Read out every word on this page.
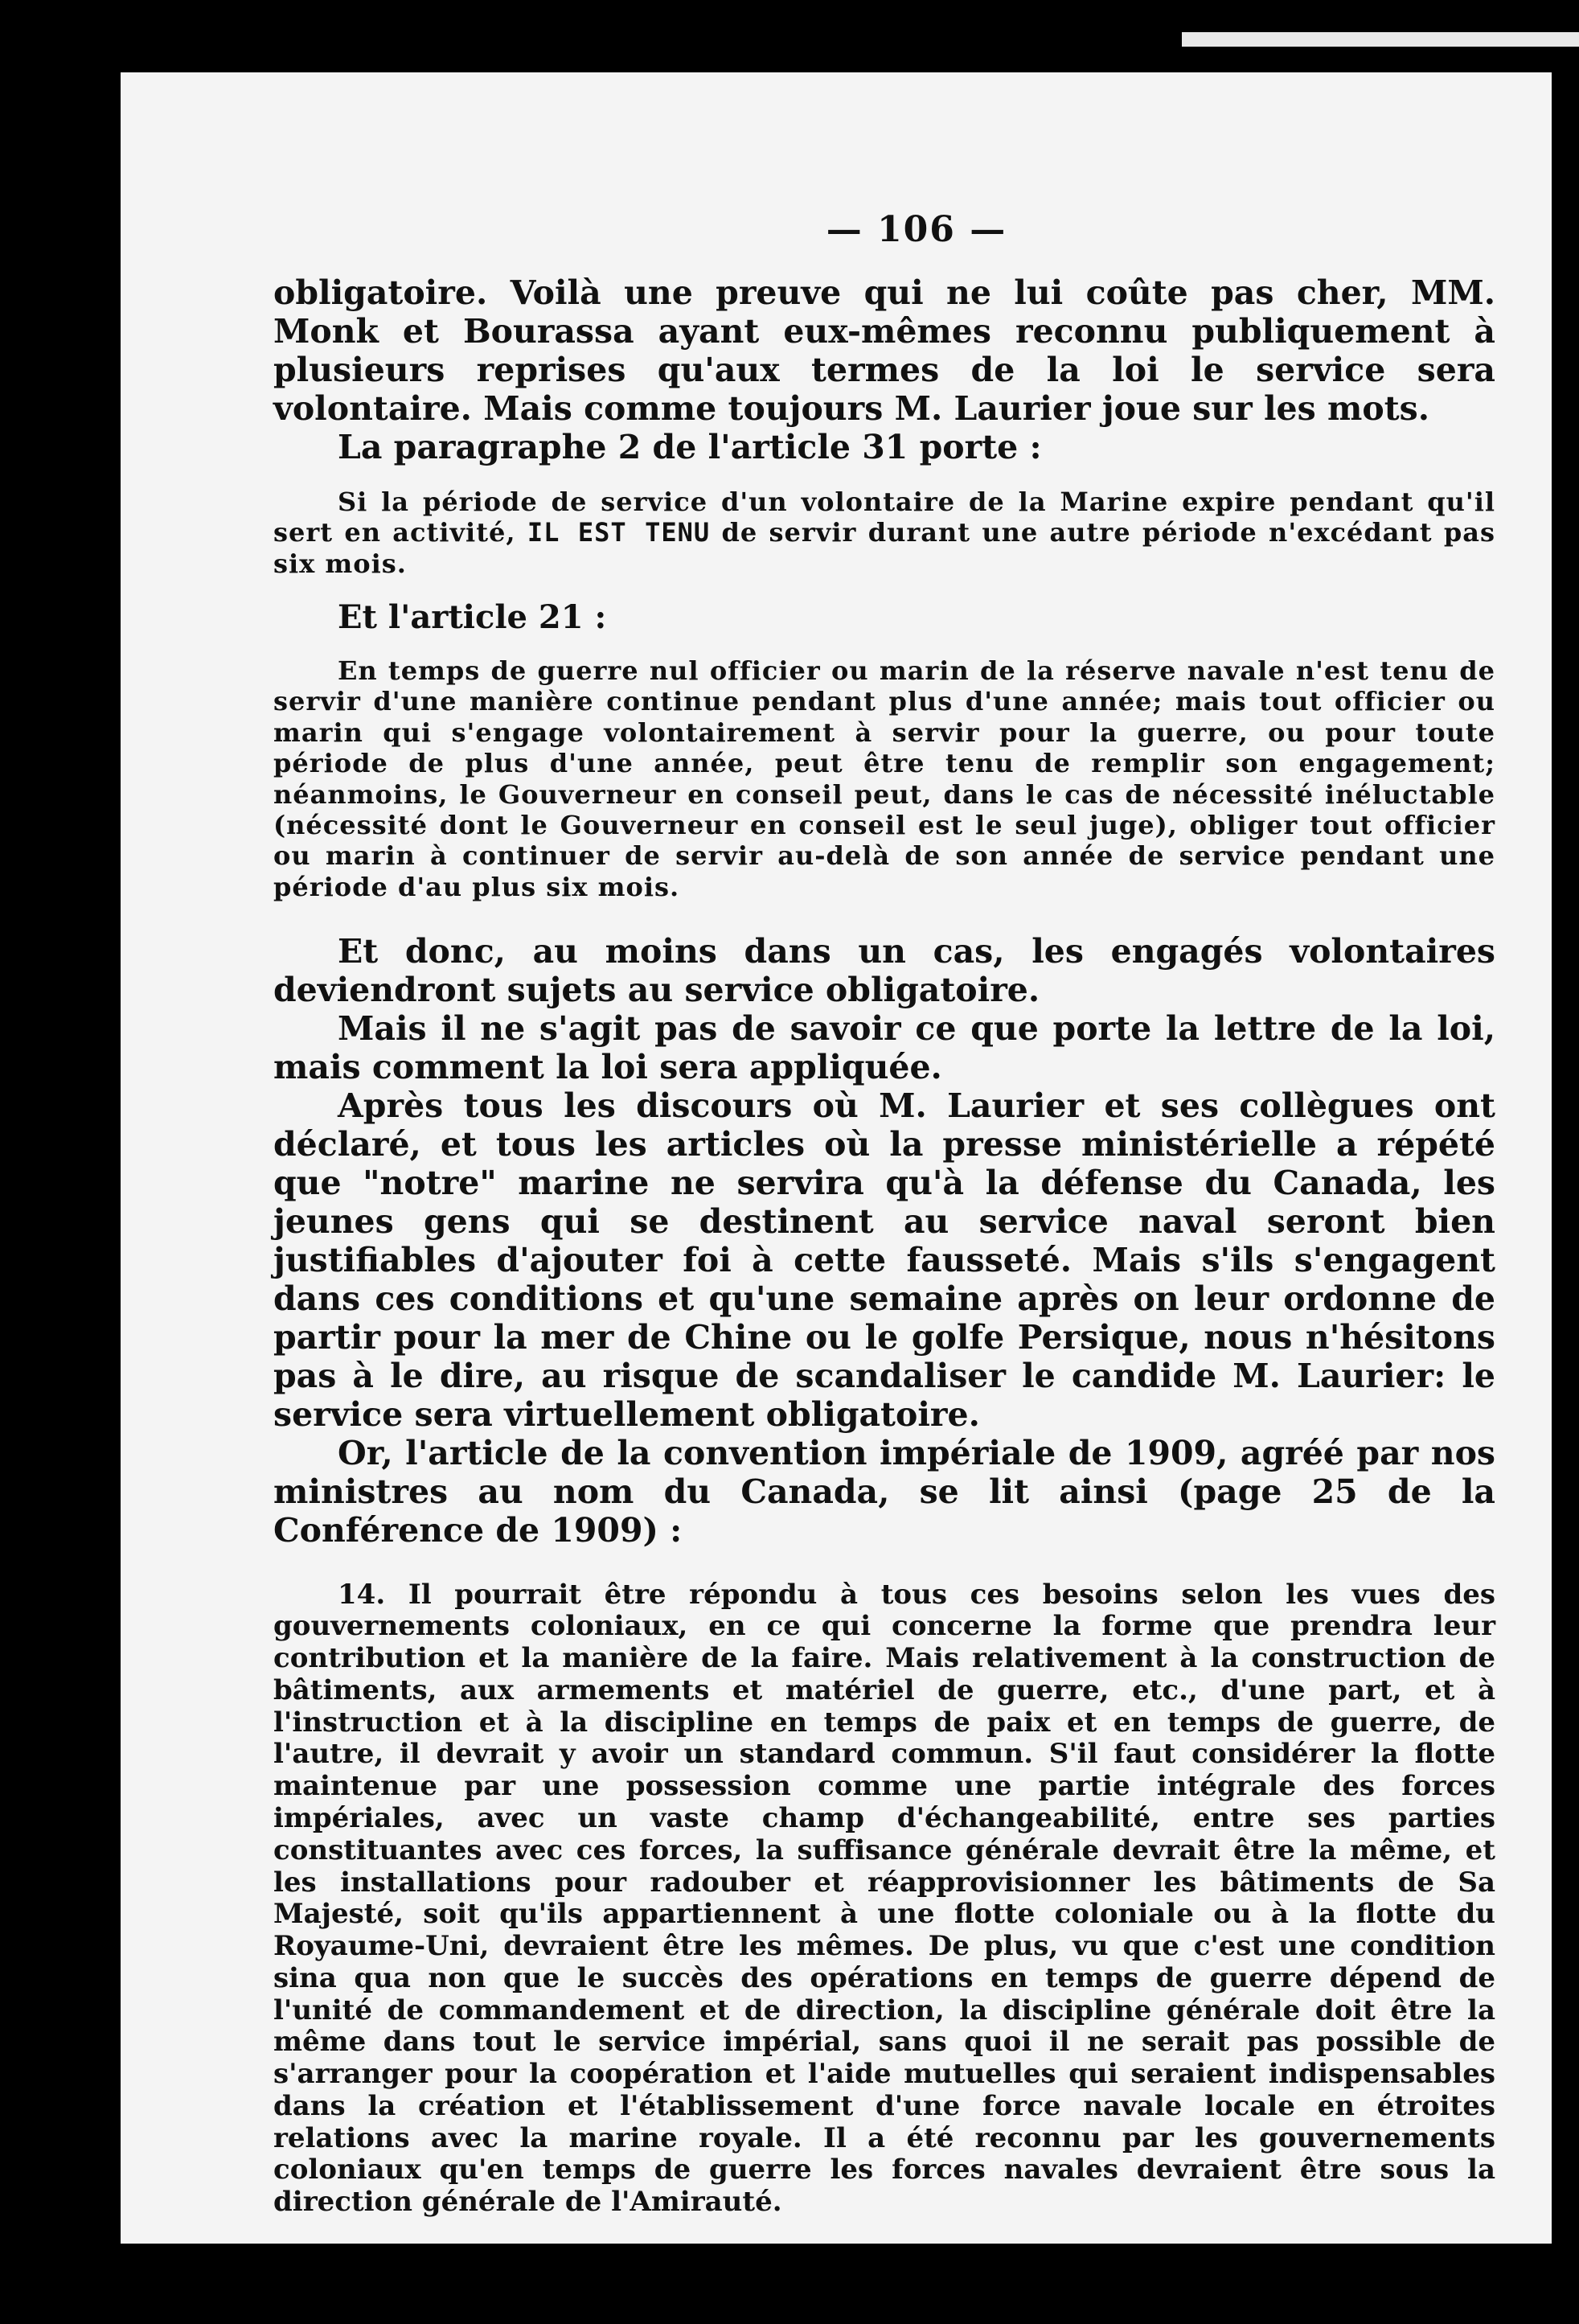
— 106 —

obligatoire. Voilà une preuve qui ne lui coûte pas cher, MM. Monk et Bourassa ayant eux-mêmes reconnu publiquement à plusieurs reprises qu'aux termes de la loi le service sera volontaire. Mais comme toujours M. Laurier joue sur les mots.

La paragraphe 2 de l'article 31 porte :

Si la période de service d'un volontaire de la Marine expire pendant qu'il sert en activité, IL EST TENU de servir durant une autre période n'excédant pas six mois.

Et l'article 21 :

En temps de guerre nul officier ou marin de la réserve navale n'est tenu de servir d'une manière continue pendant plus d'une année; mais tout officier ou marin qui s'engage volontairement à servir pour la guerre, ou pour toute période de plus d'une année, peut être tenu de remplir son engagement; néanmoins, le Gouverneur en conseil peut, dans le cas de nécessité inéluctable (nécessité dont le Gouverneur en conseil est le seul juge), obliger tout officier ou marin à continuer de servir au-delà de son année de service pendant une période d'au plus six mois.

Et donc, au moins dans un cas, les engagés volontaires deviendront sujets au service obligatoire.

Mais il ne s'agit pas de savoir ce que porte la lettre de la loi, mais comment la loi sera appliquée.

Après tous les discours où M. Laurier et ses collègues ont déclaré, et tous les articles où la presse ministérielle a répété que "notre" marine ne servira qu'à la défense du Canada, les jeunes gens qui se destinent au service naval seront bien justifiables d'ajouter foi à cette fausseté. Mais s'ils s'engagent dans ces conditions et qu'une semaine après on leur ordonne de partir pour la mer de Chine ou le golfe Persique, nous n'hésitons pas à le dire, au risque de scandaliser le candide M. Laurier: le service sera virtuellement obligatoire.

Or, l'article de la convention impériale de 1909, agréé par nos ministres au nom du Canada, se lit ainsi (page 25 de la Conférence de 1909) :

14. Il pourrait être répondu à tous ces besoins selon les vues des gouvernements coloniaux, en ce qui concerne la forme que prendra leur contribution et la manière de la faire. Mais relativement à la construction de bâtiments, aux armements et matériel de guerre, etc., d'une part, et à l'instruction et à la discipline en temps de paix et en temps de guerre, de l'autre, il devrait y avoir un standard commun. S'il faut considérer la flotte maintenue par une possession comme une partie intégrale des forces impériales, avec un vaste champ d'échangeabilité, entre ses parties constituantes avec ces forces, la suffisance générale devrait être la même, et les installations pour radouber et réapprovisionner les bâtiments de Sa Majesté, soit qu'ils appartiennent à une flotte coloniale ou à la flotte du Royaume-Uni, devraient être les mêmes. De plus, vu que c'est une condition sina qua non que le succès des opérations en temps de guerre dépend de l'unité de commandement et de direction, la discipline générale doit être la même dans tout le service impérial, sans quoi il ne serait pas possible de s'arranger pour la coopération et l'aide mutuelles qui seraient indispensables dans la création et l'établissement d'une force navale locale en étroites relations avec la marine royale. Il a été reconnu par les gouvernements coloniaux qu'en temps de guerre les forces navales devraient être sous la direction générale de l'Amirauté.
